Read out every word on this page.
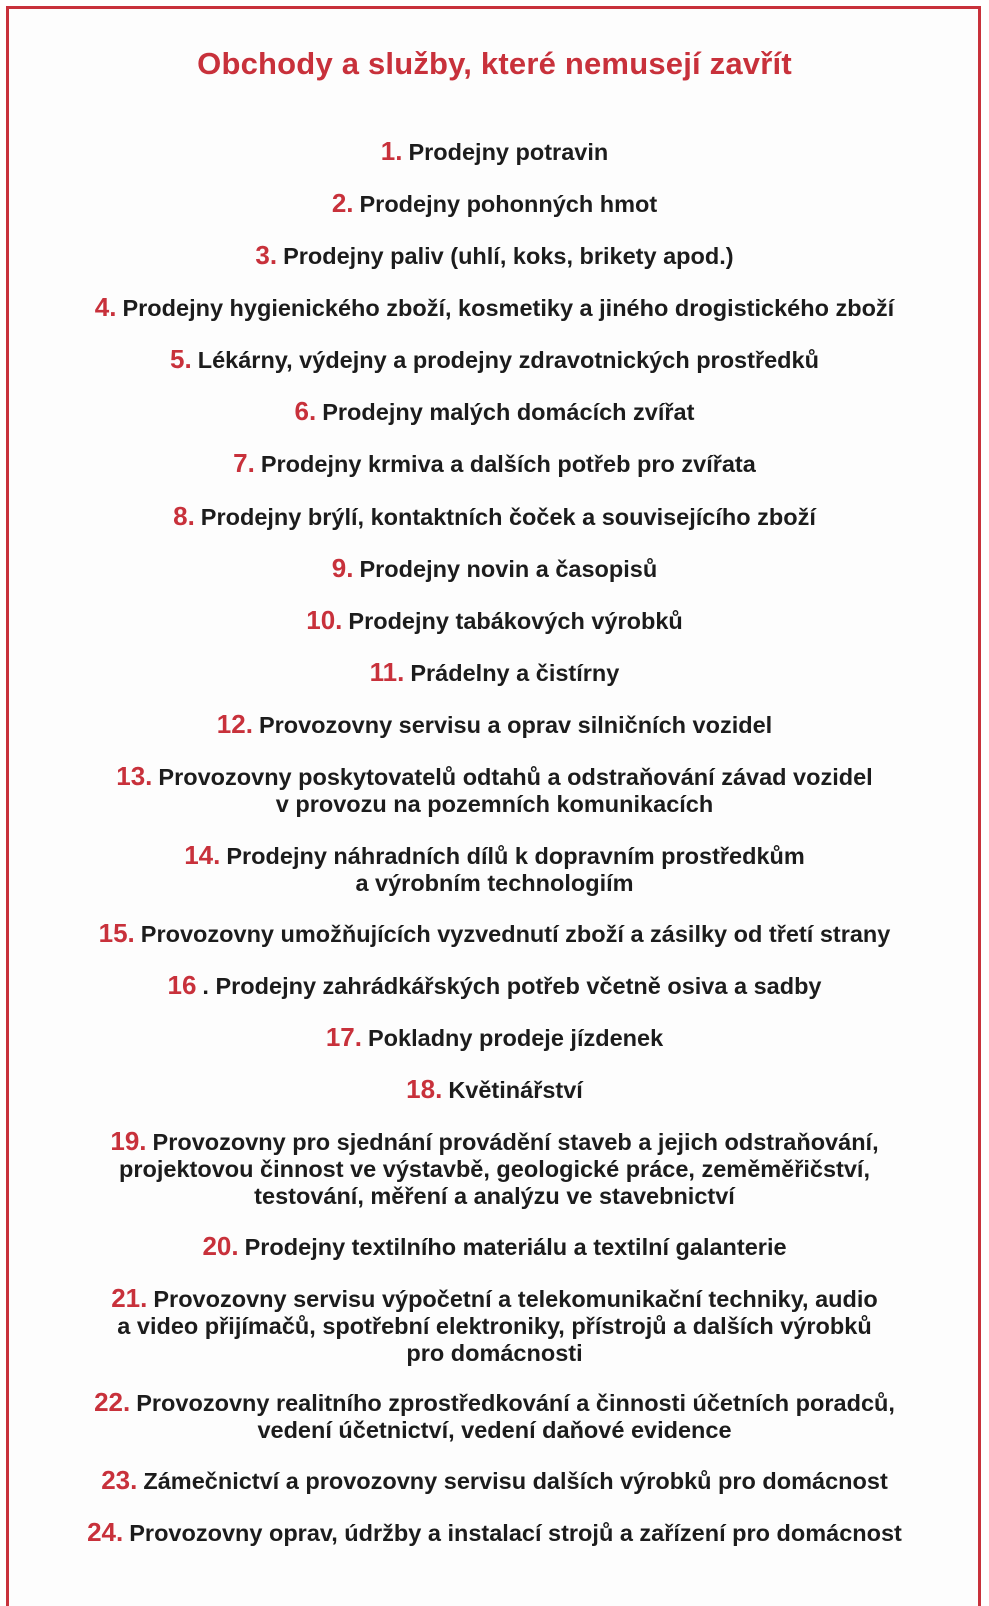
Obchody a služby, které nemusejí zavřít
1. Prodejny potravin
2. Prodejny pohonných hmot
3. Prodejny paliv (uhlí, koks, brikety apod.)
4. Prodejny hygienického zboží, kosmetiky a jiného drogistického zboží
5. Lékárny, výdejny a prodejny zdravotnických prostředků
6. Prodejny malých domácích zvířat
7. Prodejny krmiva a dalších potřeb pro zvířata
8. Prodejny brýlí, kontaktních čoček a souvisejícího zboží
9. Prodejny novin a časopisů
10. Prodejny tabákových výrobků
11. Prádelny a čistírny
12. Provozovny servisu a oprav silničních vozidel
13. Provozovny poskytovatelů odtahů a odstraňování závad vozidel
v provozu na pozemních komunikacích
14. Prodejny náhradních dílů k dopravním prostředkům
a výrobním technologiím
15. Provozovny umožňujících vyzvednutí zboží a zásilky od třetí strany
16 . Prodejny zahrádkářských potřeb včetně osiva a sadby
17. Pokladny prodeje jízdenek
18. Květinářství
19. Provozovny pro sjednání provádění staveb a jejich odstraňování,
projektovou činnost ve výstavbě, geologické práce, zeměměřičství,
testování, měření a analýzu ve stavebnictví
20. Prodejny textilního materiálu a textilní galanterie
21. Provozovny servisu výpočetní a telekomunikační techniky, audio
a video přijímačů, spotřební elektroniky, přístrojů a dalších výrobků
pro domácnosti
22. Provozovny realitního zprostředkování a činnosti účetních poradců,
vedení účetnictví, vedení daňové evidence
23. Zámečnictví a provozovny servisu dalších výrobků pro domácnost
24. Provozovny oprav, údržby a instalací strojů a zařízení pro domácnost
